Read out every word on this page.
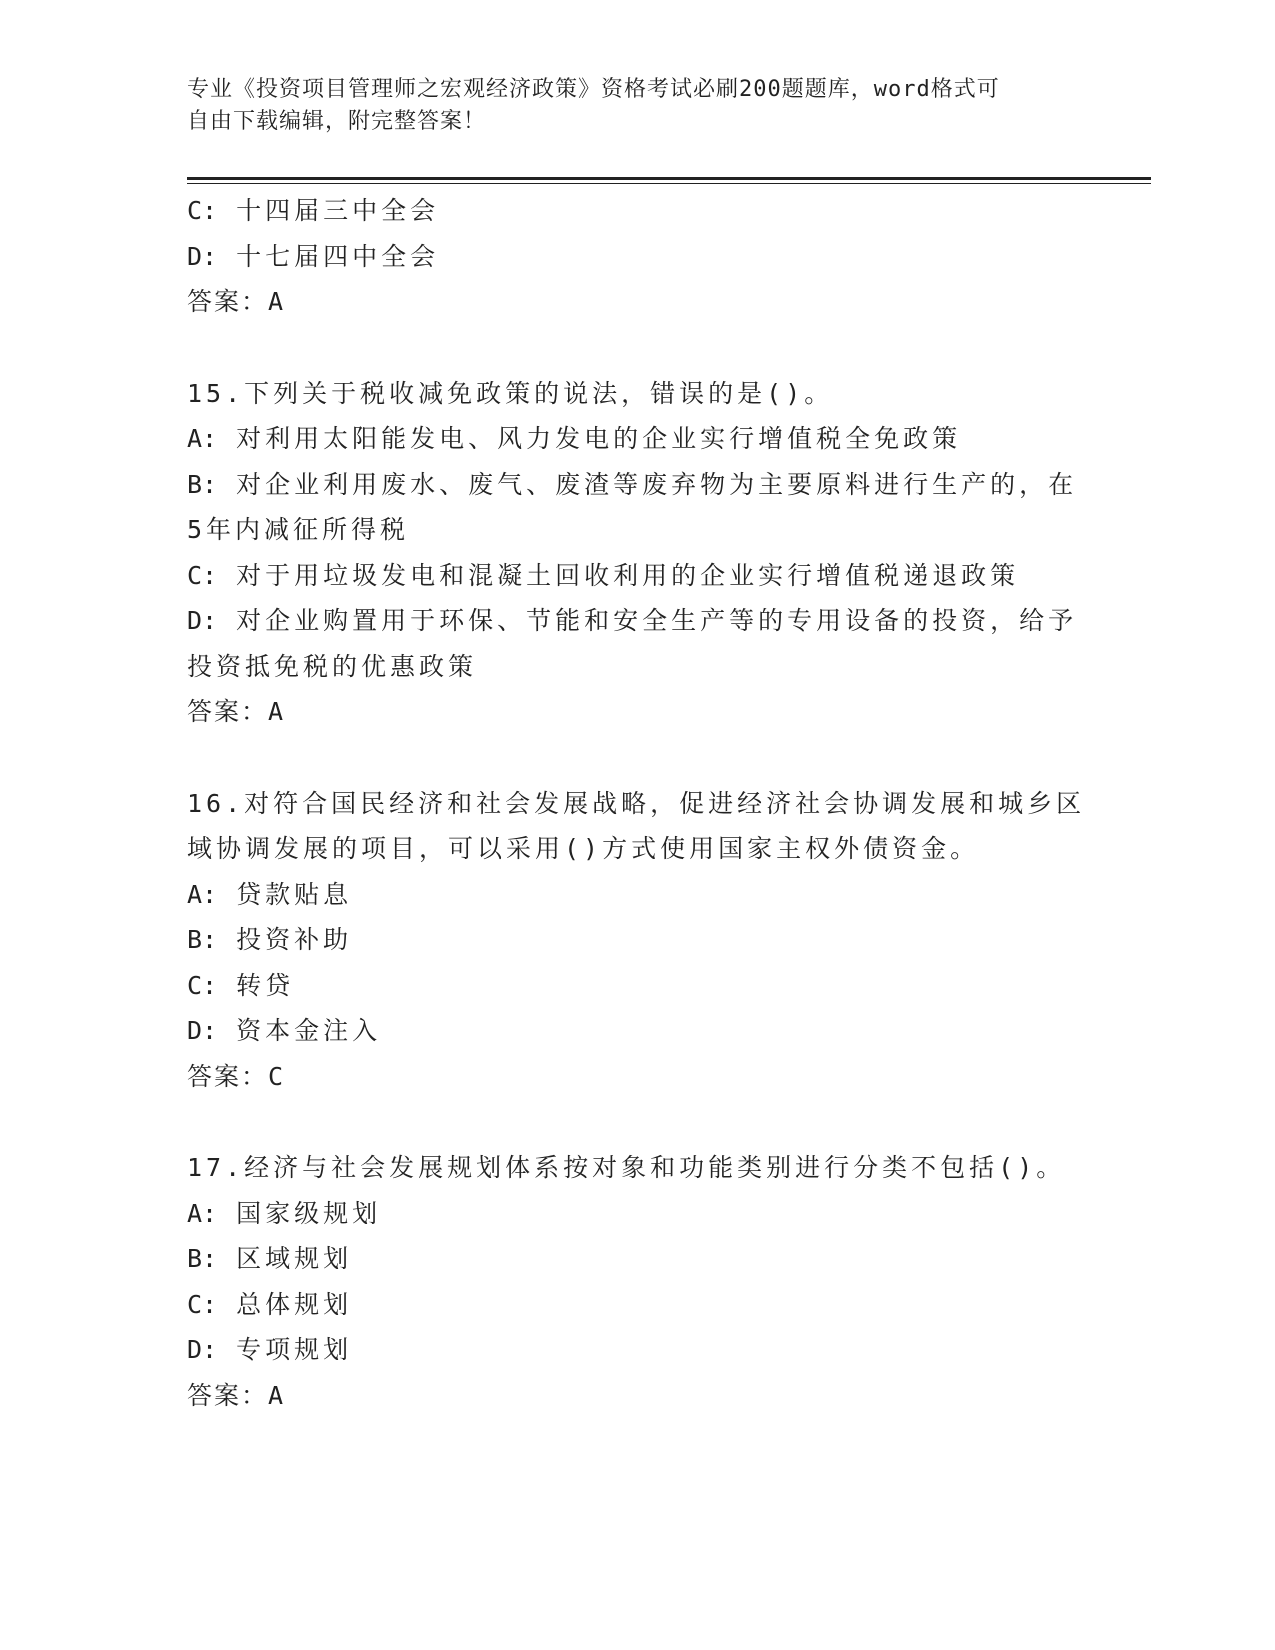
专业《投资项目管理师之宏观经济政策》资格考试必刷200题题库，word格式可
自由下载编辑，附完整答案！
C: 十四届三中全会
D: 十七届四中全会
答案：A
15.下列关于税收减免政策的说法，错误的是()。
A: 对利用太阳能发电、风力发电的企业实行增值税全免政策
B: 对企业利用废水、废气、废渣等废弃物为主要原料进行生产的，在
5年内减征所得税
C: 对于用垃圾发电和混凝土回收利用的企业实行增值税递退政策
D: 对企业购置用于环保、节能和安全生产等的专用设备的投资，给予
投资抵免税的优惠政策
答案：A
16.对符合国民经济和社会发展战略，促进经济社会协调发展和城乡区
域协调发展的项目，可以采用()方式使用国家主权外债资金。
A: 贷款贴息
B: 投资补助
C: 转贷
D: 资本金注入
答案：C
17.经济与社会发展规划体系按对象和功能类别进行分类不包括()。
A: 国家级规划
B: 区域规划
C: 总体规划
D: 专项规划
答案：A
